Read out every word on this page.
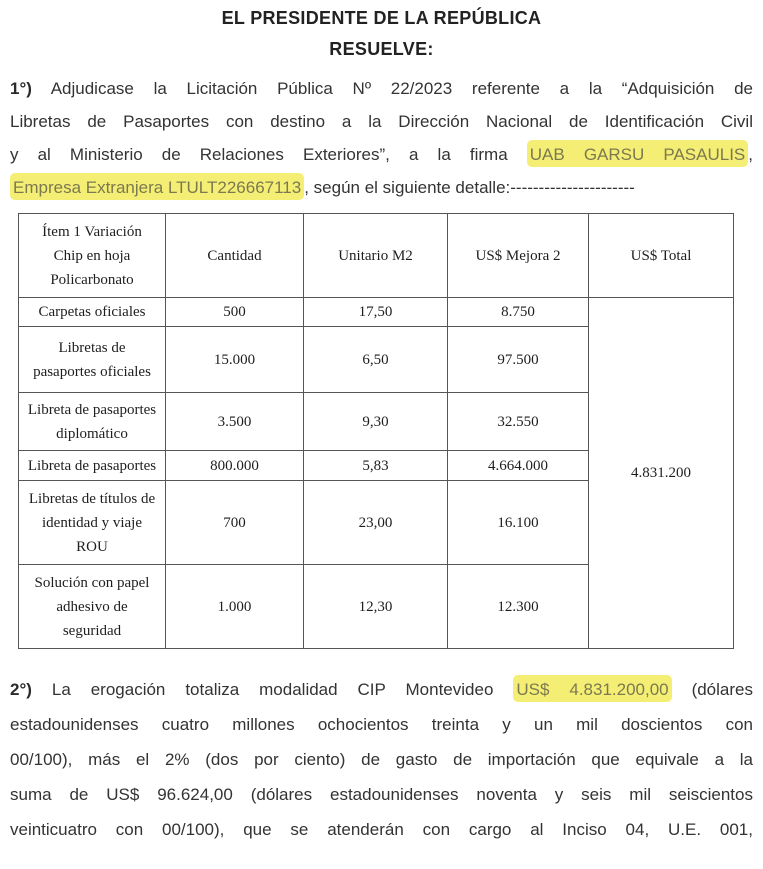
EL PRESIDENTE DE LA REPÚBLICA
RESUELVE:
1°) Adjudicase la Licitación Pública Nº 22/2023 referente a la “Adquisición de
Libretas de Pasaportes con destino a la Dirección Nacional de Identificación Civil
y al Ministerio de Relaciones Exteriores”, a la firma UAB GARSU PASAULIS ,
Empresa Extranjera LTULT226667113 , según el siguiente detalle:----------------------
Ítem 1 Variación
Chip en hoja
Policarbonato	Cantidad	Unitario M2	US$ Mejora 2	US$ Total

Carpetas oficiales	500	17,50	8.750	4.831.200

Libretas de
pasaportes oficiales	15.000	6,50	97.500	

Libreta de pasaportes
diplomático	3.500	9,30	32.550	

Libreta de pasaportes	800.000	5,83	4.664.000	

Libretas de títulos de
identidad y viaje
ROU	700	23,00	16.100	

Solución con papel
adhesivo de
seguridad	1.000	12,30	12.300	
2°) La erogación totaliza modalidad CIP Montevideo US$ 4.831.200,00 (dólares
estadounidenses cuatro millones ochocientos treinta y un mil doscientos con
00/100), más el 2% (dos por ciento) de gasto de importación que equivale a la
suma de US$ 96.624,00 (dólares estadounidenses noventa y seis mil seiscientos
veinticuatro con 00/100), que se atenderán con cargo al Inciso 04, U.E. 001,
